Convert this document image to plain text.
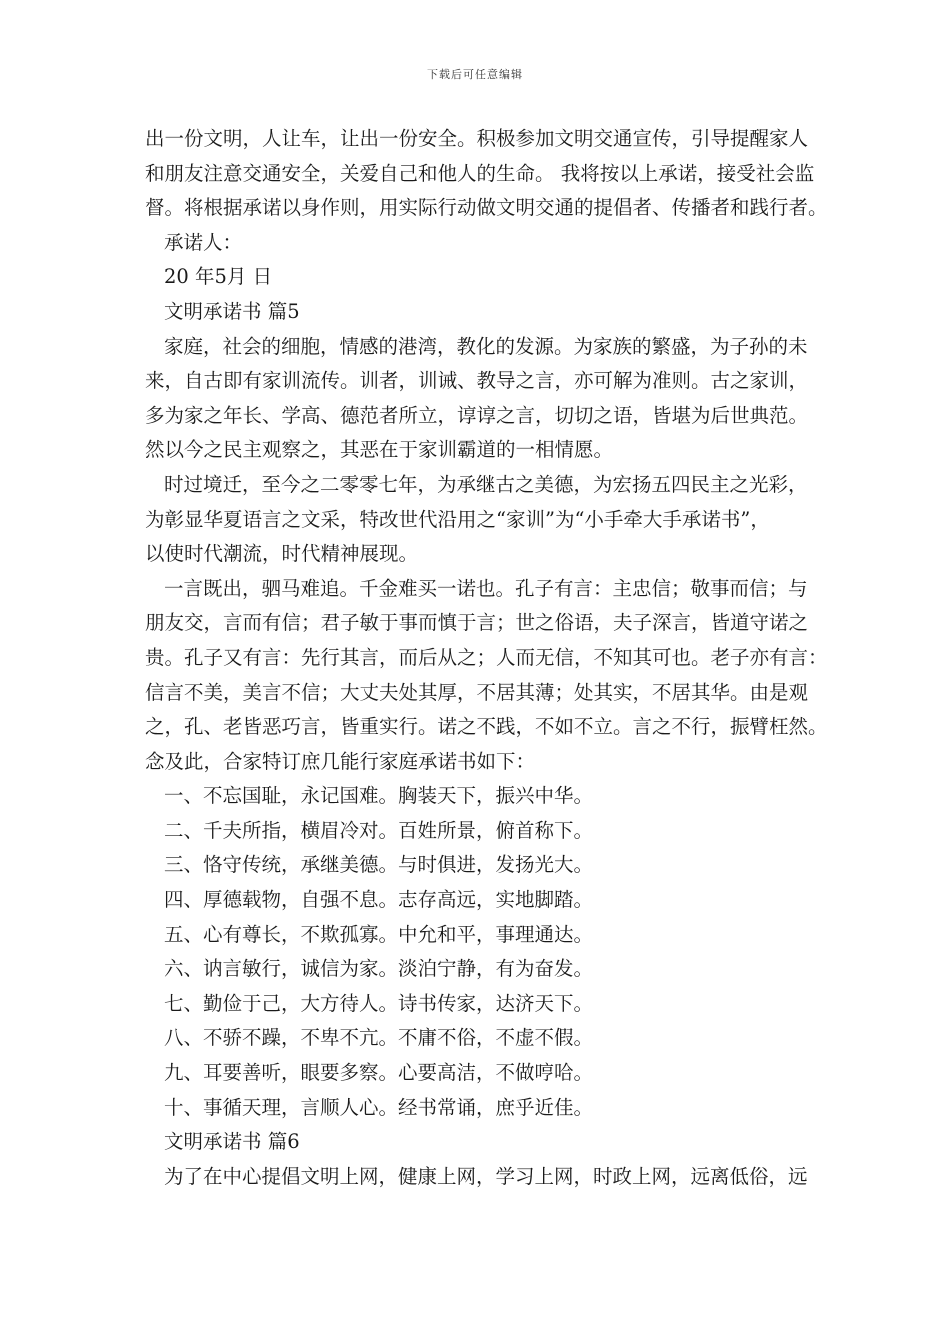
下载后可任意编辑
出一份文明，人让车，让出一份安全。积极参加文明交通宣传，引导提醒家人
和朋友注意交通安全，关爱自己和他人的生命。 我将按以上承诺，接受社会监
督。将根据承诺以身作则，用实际行动做文明交通的提倡者、传播者和践行者。
承诺人：
20 年5月 日
文明承诺书 篇5
家庭，社会的细胞，情感的港湾，教化的发源。为家族的繁盛，为子孙的未
来，自古即有家训流传。训者，训诫、教导之言，亦可解为准则。古之家训，
多为家之年长、学高、德范者所立，谆谆之言，切切之语，皆堪为后世典范。
然以今之民主观察之，其恶在于家训霸道的一相情愿。
时过境迁，至今之二零零七年，为承继古之美德，为宏扬五四民主之光彩，
为彰显华夏语言之文采，特改世代沿用之“家训”为“小手牵大手承诺书”，
以使时代潮流，时代精神展现。
一言既出，驷马难追。千金难买一诺也。孔子有言：主忠信；敬事而信；与
朋友交，言而有信；君子敏于事而慎于言；世之俗语，夫子深言，皆道守诺之
贵。孔子又有言：先行其言，而后从之；人而无信，不知其可也。老子亦有言：
信言不美，美言不信；大丈夫处其厚，不居其薄；处其实，不居其华。由是观
之，孔、老皆恶巧言，皆重实行。诺之不践，不如不立。言之不行，振臂枉然。
念及此，合家特订庶几能行家庭承诺书如下：
一、不忘国耻，永记国难。胸装天下，振兴中华。
二、千夫所指，横眉冷对。百姓所景，俯首称下。
三、恪守传统，承继美德。与时俱进，发扬光大。
四、厚德载物，自强不息。志存高远，实地脚踏。
五、心有尊长，不欺孤寡。中允和平，事理通达。
六、讷言敏行，诚信为家。淡泊宁静，有为奋发。
七、勤俭于己，大方待人。诗书传家，达济天下。
八、不骄不躁，不卑不亢。不庸不俗，不虚不假。
九、耳要善听，眼要多察。心要高洁，不做哼哈。
十、事循天理，言顺人心。经书常诵，庶乎近佳。
文明承诺书 篇6
为了在中心提倡文明上网，健康上网，学习上网，时政上网，远离低俗，远
